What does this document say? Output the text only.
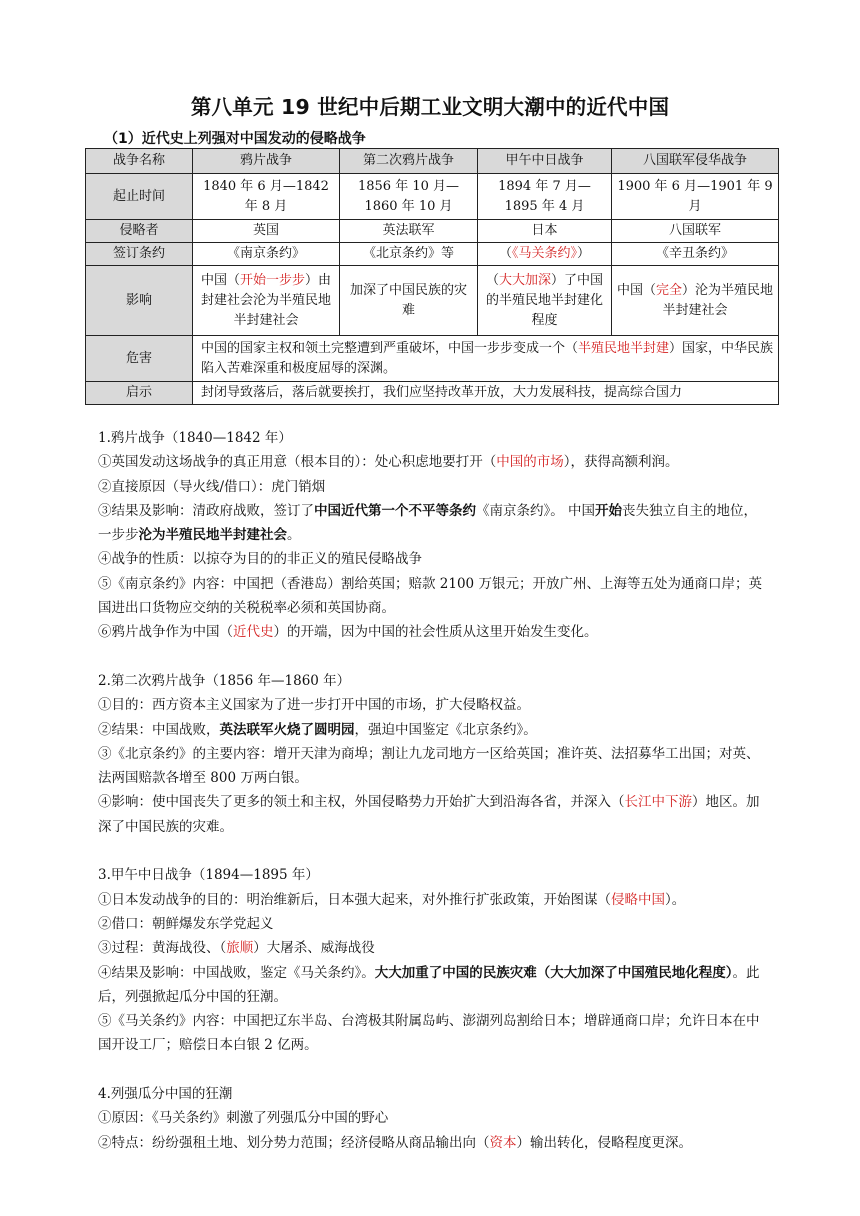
第八单元 19 世纪中后期工业文明大潮中的近代中国
（1）近代史上列强对中国发动的侵略战争
战争名称	鸦片战争	第二次鸦片战争	甲午中日战争	八国联军侵华战争
起止时间	1840 年 6 月—1842 年 8 月	1856 年 10 月—1860 年 10 月	1894 年 7 月—1895 年 4 月	1900 年 6 月—1901 年 9 月
侵略者	英国	英法联军	日本	八国联军
签订条约	《南京条约》	《北京条约》等	（《马关条约》）	《辛丑条约》
影响	中国（开始一步步）由封建社会沦为半殖民地半封建社会	加深了中国民族的灾难	（大大加深）了中国的半殖民地半封建化程度	中国（完全）沦为半殖民地半封建社会
危害	中国的国家主权和领土完整遭到严重破坏，中国一步步变成一个（半殖民地半封建）国家，中华民族陷入苦难深重和极度屈辱的深渊。			
启示	封闭导致落后，落后就要挨打，我们应坚持改革开放，大力发展科技，提高综合国力			
1.鸦片战争（1840—1842 年）
①英国发动这场战争的真正用意（根本目的）：处心积虑地要打开（中国的市场），获得高额利润。
②直接原因（导火线/借口）：虎门销烟
③结果及影响：清政府战败，签订了中国近代第一个不平等条约《南京条约》。 中国开始丧失独立自主的地位，一步步沦为半殖民地半封建社会。
④战争的性质：以掠夺为目的的非正义的殖民侵略战争
⑤《南京条约》内容：中国把（香港岛）割给英国；赔款 2100 万银元；开放广州、上海等五处为通商口岸；英国进出口货物应交纳的关税税率必须和英国协商。
⑥鸦片战争作为中国（近代史）的开端，因为中国的社会性质从这里开始发生变化。
2.第二次鸦片战争（1856 年—1860 年）
①目的：西方资本主义国家为了进一步打开中国的市场，扩大侵略权益。
②结果：中国战败，英法联军火烧了圆明园，强迫中国鉴定《北京条约》。
③《北京条约》的主要内容：增开天津为商埠；割让九龙司地方一区给英国；准许英、法招募华工出国；对英、法两国赔款各增至 800 万两白银。
④影响：使中国丧失了更多的领土和主权，外国侵略势力开始扩大到沿海各省，并深入（长江中下游）地区。加深了中国民族的灾难。
3.甲午中日战争（1894—1895 年）
①日本发动战争的目的：明治维新后，日本强大起来，对外推行扩张政策，开始图谋（侵略中国）。
②借口：朝鲜爆发东学党起义
③过程：黄海战役、（旅顺）大屠杀、威海战役
④结果及影响：中国战败，鉴定《马关条约》。大大加重了中国的民族灾难（大大加深了中国殖民地化程度）。此后，列强掀起瓜分中国的狂潮。
⑤《马关条约》内容：中国把辽东半岛、台湾极其附属岛屿、澎湖列岛割给日本；增辟通商口岸；允许日本在中国开设工厂；赔偿日本白银 2 亿两。
4.列强瓜分中国的狂潮
①原因：《马关条约》刺激了列强瓜分中国的野心
②特点：纷纷强租土地、划分势力范围；经济侵略从商品输出向（资本）输出转化，侵略程度更深。
